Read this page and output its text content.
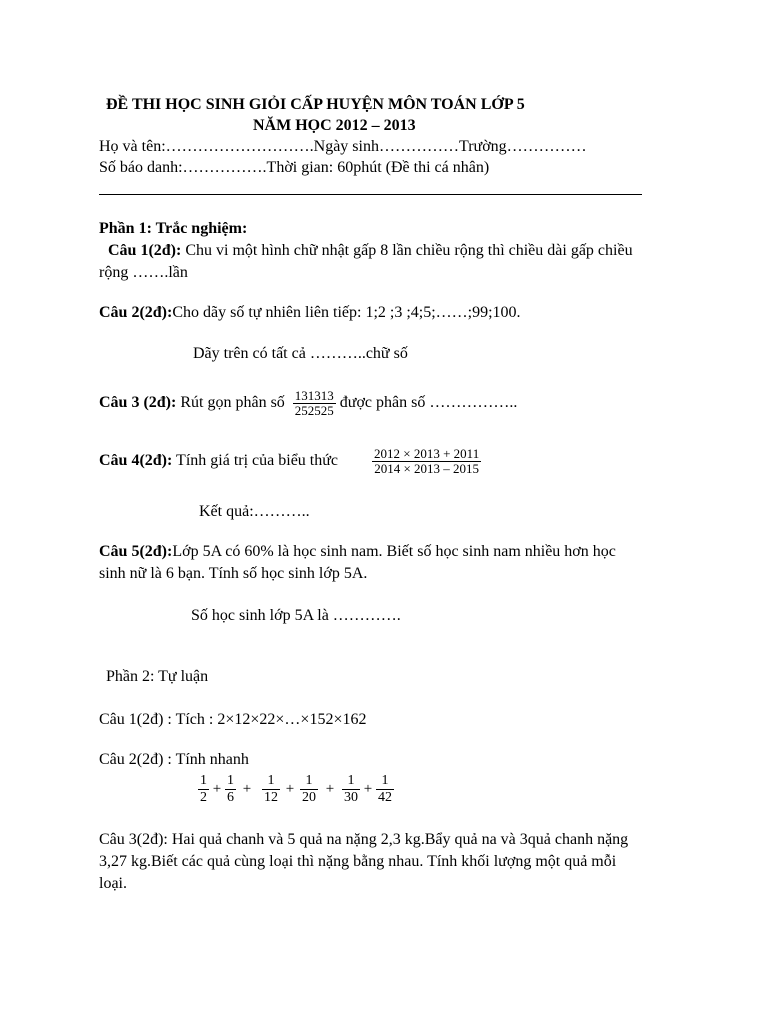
ĐỀ THI HỌC SINH GIỎI CẤP HUYỆN MÔN TOÁN LỚP 5
NĂM HỌC 2012 – 2013
Họ và tên:……………………….Ngày sinh……………Trường……………
Số báo danh:…………….Thời gian: 60phút (Đề thi cá nhân)
Phần 1: Trắc nghiệm:
Câu 1(2đ): Chu vi một hình chữ nhật gấp 8 lần chiều rộng thì chiều dài gấp chiều
rộng …….lần
Câu 2(2đ):Cho dãy số tự nhiên liên tiếp: 1;2 ;3 ;4;5;……;99;100.
Dãy trên có tất cả ………..chữ số
Câu 3 (2đ): Rút gọn phân số $\frac{131313}{252525}$ được phân số ……………..
Câu 4(2đ): Tính giá trị của biểu thức	$\frac{2012 \times 2013 + 2011}{2014 \times 2013 - 2015}$
Kết quả:………..
Câu 5(2đ):Lớp 5A có 60% là học sinh nam. Biết số học sinh nam nhiều hơn học
sinh nữ là 6 bạn. Tính số học sinh lớp 5A.
Số học sinh lớp 5A là ………….
Phần 2: Tự luận
Câu 1(2đ) : Tích : 2×12×22×…×152×162
Câu 2(2đ) : Tính nhanh
$\frac{1}{2} + \frac{1}{6} + \frac{1}{12} + \frac{1}{20} + \frac{1}{30} + \frac{1}{42}$
Câu 3(2đ): Hai quả chanh và 5 quả na nặng 2,3 kg.Bẩy quả na và 3quả chanh nặng
3,27 kg.Biết các quả cùng loại thì nặng bằng nhau. Tính khối lượng một quả mỗi
loại.
